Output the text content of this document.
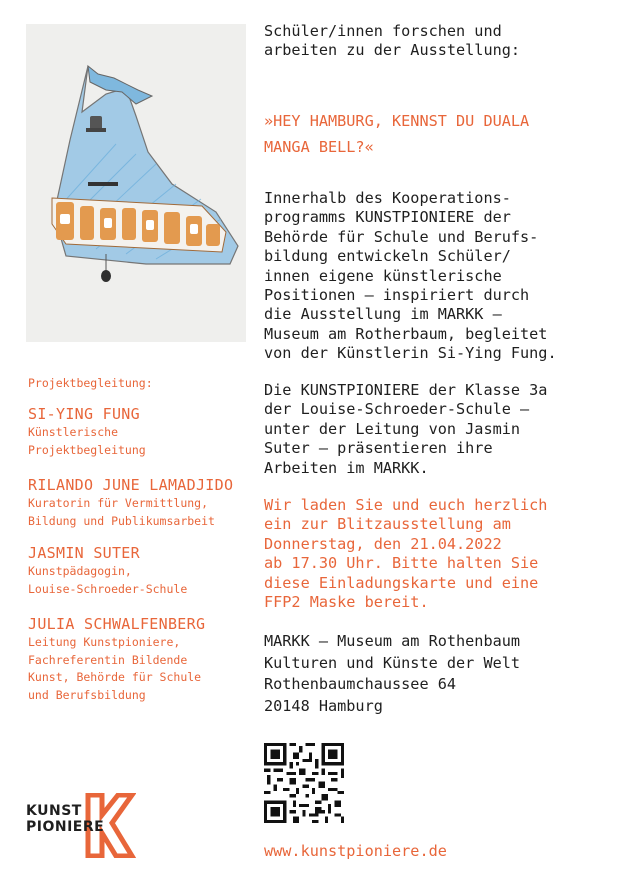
Projektbegleitung:
SI-YING FUNG
Künstlerische
Projektbegleitung
RILANDO JUNE LAMADJIDO
Kuratorin für Vermittlung,
Bildung und Publikumsarbeit
JASMIN SUTER
Kunstpädagogin,
Louise-Schroeder-Schule
JULIA SCHWALFENBERG
Leitung Kunstpioniere,
Fachreferentin Bildende
Kunst, Behörde für Schule
und Berufsbildung
KUNST
PIONIERE
Schüler/innen forschen und
arbeiten zu der Ausstellung:
»HEY HAMBURG, KENNST DU DUALA
MANGA BELL?«
Innerhalb des Kooperations-
programms KUNSTPIONIERE der
Behörde für Schule und Berufs-
bildung entwickeln Schüler/
innen eigene künstlerische
Positionen – inspiriert durch
die Ausstellung im MARKK –
Museum am Rotherbaum, begleitet
von der Künstlerin Si-Ying Fung.
Die KUNSTPIONIERE der Klasse 3a
der Louise-Schroeder-Schule –
unter der Leitung von Jasmin
Suter – präsentieren ihre
Arbeiten im MARKK.
Wir laden Sie und euch herzlich
ein zur Blitzausstellung am
Donnerstag, den 21.04.2022
ab 17.30 Uhr. Bitte halten Sie
diese Einladungskarte und eine
FFP2 Maske bereit.
MARKK – Museum am Rothenbaum
Kulturen und Künste der Welt
Rothenbaumchaussee 64
20148 Hamburg
www.kunstpioniere.de
